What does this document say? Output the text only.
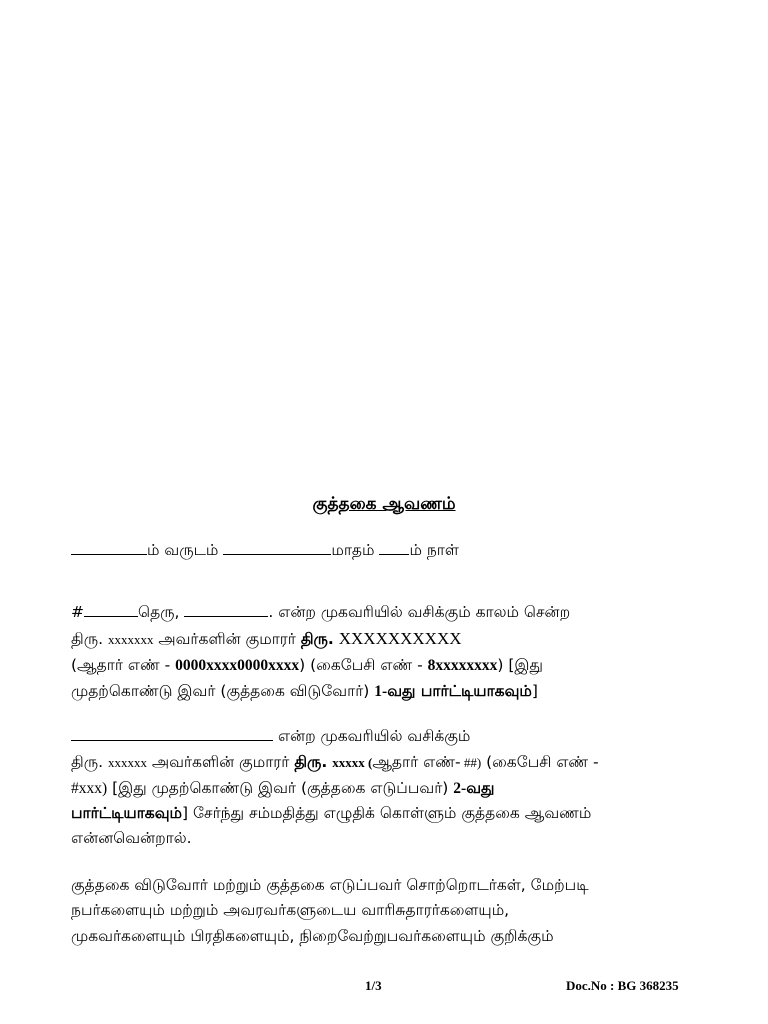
குத்தகை ஆவணம்
ம் வருடம்	மாதம் ம் நாள்
#	தெரு,	. என்ற முகவரியில் வசிக்கும் காலம் சென்ற
திரு. xxxxxxx அவர்களின் குமாரர் திரு. XXXXXXXXXX
(ஆதார் எண் - 0000xxxx0000xxxx) (கைபேசி எண் - 8xxxxxxxx) [இது
முதற்கொண்டு இவர் (குத்தகை விடுவோர்) 1-வது பார்ட்டியாகவும்]
என்ற முகவரியில் வசிக்கும்
திரு. xxxxxx அவர்களின் குமாரர் திரு. xxxxx (ஆதார் எண்- ##) (கைபேசி எண் -
#xxx) [இது முதற்கொண்டு இவர் (குத்தகை எடுப்பவர்) 2-வது
பார்ட்டியாகவும்] சேர்ந்து சம்மதித்து எழுதிக் கொள்ளும் குத்தகை ஆவணம்
என்னவென்றால்.
குத்தகை விடுவோர் மற்றும் குத்தகை எடுப்பவர் சொற்றொடர்கள், மேற்படி
நபர்களையும் மற்றும் அவரவர்களுடைய வாரிசுதாரர்களையும்,
முகவர்களையும் பிரதிகளையும், நிறைவேற்றுபவர்களையும் குறிக்கும்
1/3	Doc.No : BG 368235
